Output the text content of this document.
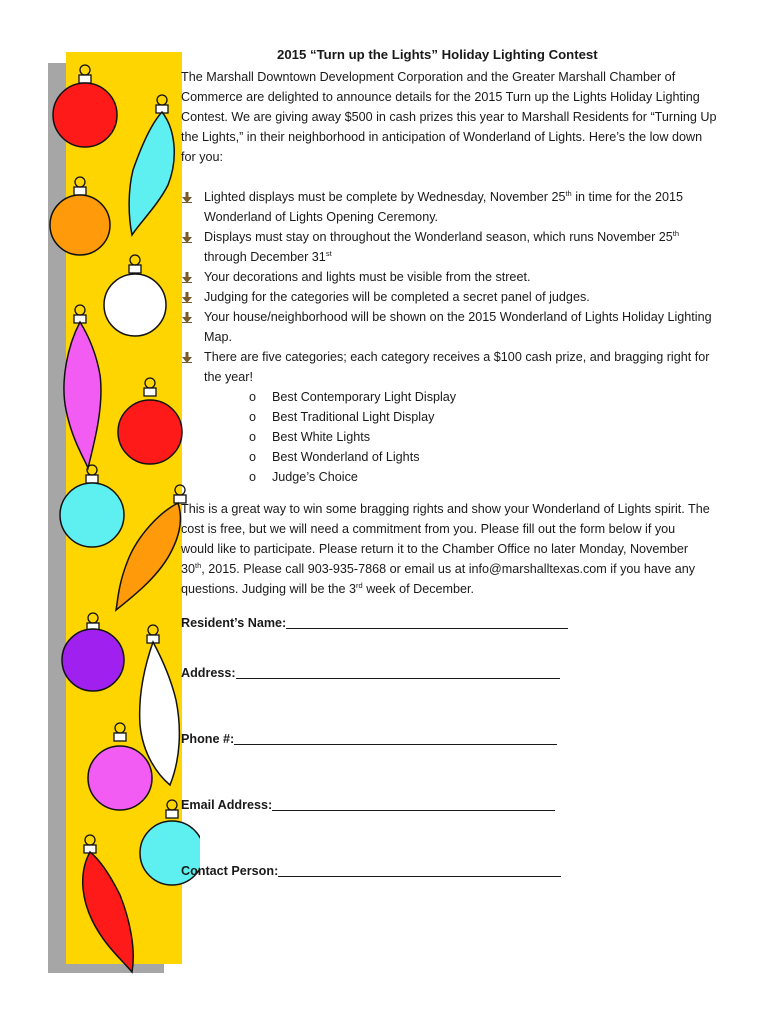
2015 “Turn up the Lights” Holiday Lighting Contest

The Marshall Downtown Development Corporation and the Greater Marshall Chamber of
Commerce are delighted to announce details for the 2015 Turn up the Lights Holiday Lighting
Contest. We are giving away $500 in cash prizes this year to Marshall Residents for “Turning Up
the Lights,” in their neighborhood in anticipation of Wonderland of Lights. Here’s the low down
for you:

Lighted displays must be complete by Wednesday, November 25th in time for the 2015
Wonderland of Lights Opening Ceremony.
Displays must stay on throughout the Wonderland season, which runs November 25th
through December 31st
Your decorations and lights must be visible from the street.
Judging for the categories will be completed a secret panel of judges.
Your house/neighborhood will be shown on the 2015 Wonderland of Lights Holiday Lighting
Map.
There are five categories; each category receives a $100 cash prize, and bragging right for
the year!
o Best Contemporary Light Display
o Best Traditional Light Display
o Best White Lights
o Best Wonderland of Lights
o Judge’s Choice

This is a great way to win some bragging rights and show your Wonderland of Lights spirit. The
cost is free, but we will need a commitment from you. Please fill out the form below if you
would like to participate. Please return it to the Chamber Office no later Monday, November
30th, 2015. Please call 903-935-7868 or email us at info@marshalltexas.com if you have any
questions. Judging will be the 3rd week of December.

Resident’s Name:
Address:
Phone #:
Email Address:
Contact Person:
